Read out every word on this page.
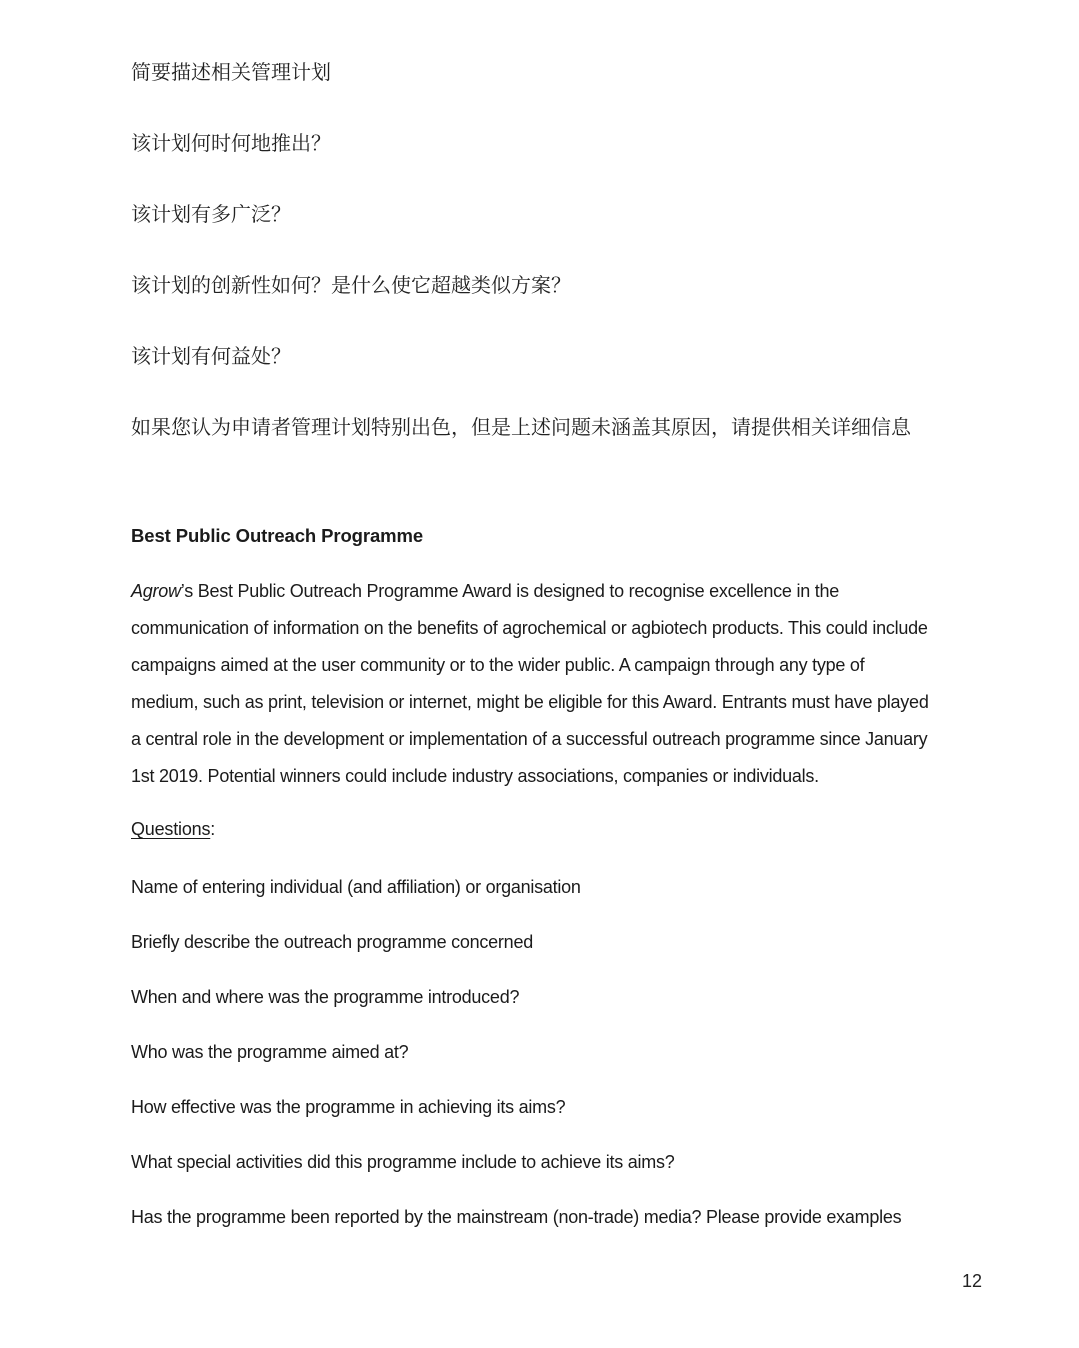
简要描述相关管理计划

该计划何时何地推出？

该计划有多广泛？

该计划的创新性如何？是什么使它超越类似方案？

该计划有何益处？

如果您认为申请者管理计划特别出色，但是上述问题未涵盖其原因，请提供相关详细信息

Best Public Outreach Programme
Agrow’s Best Public Outreach Programme Award is designed to recognise excellence in the
communication of information on the benefits of agrochemical or agbiotech products. This could include
campaigns aimed at the user community or to the wider public. A campaign through any type of
medium, such as print, television or internet, might be eligible for this Award. Entrants must have played
a central role in the development or implementation of a successful outreach programme since January
1st 2019. Potential winners could include industry associations, companies or individuals.

Questions:

Name of entering individual (and affiliation) or organisation

Briefly describe the outreach programme concerned

When and where was the programme introduced?

Who was the programme aimed at?

How effective was the programme in achieving its aims?

What special activities did this programme include to achieve its aims?

Has the programme been reported by the mainstream (non-trade) media? Please provide examples

12
